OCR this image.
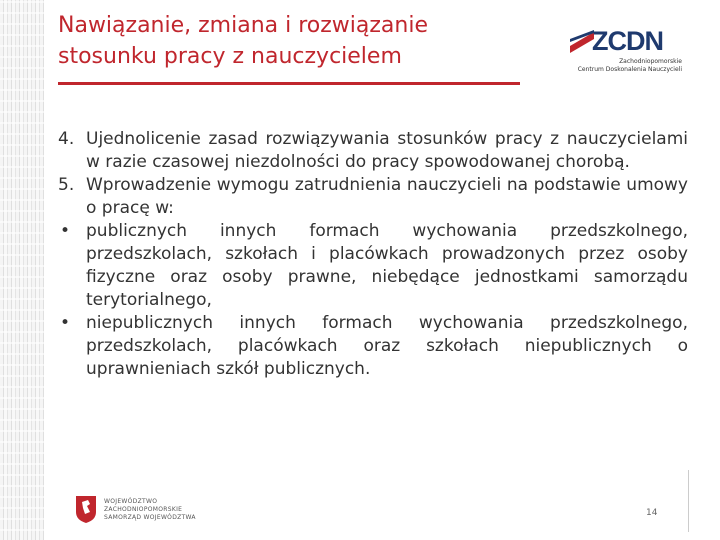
Nawiązanie, zmiana i rozwiązanie
stosunku pracy z nauczycielem
ZCDN
Zachodniopomorskie
Centrum Doskonalenia Nauczycieli
4. Ujednolicenie zasad rozwiązywania stosunków pracy z nauczycielami w razie czasowej niezdolności do pracy spowodowanej chorobą.
5. Wprowadzenie wymogu zatrudnienia nauczycieli na podstawie umowy o pracę w:
• publicznych innych formach wychowania przedszkolnego, przedszkolach, szkołach i placówkach prowadzonych przez osoby fizyczne oraz osoby prawne, niebędące jednostkami samorządu terytorialnego,
• niepublicznych innych formach wychowania przedszkolnego, przedszkolach, placówkach oraz szkołach niepublicznych o uprawnieniach szkół publicznych.
WOJEWÓDZTWO
ZACHODNIOPOMORSKIE
SAMORZĄD WOJEWÓDZTWA	14
